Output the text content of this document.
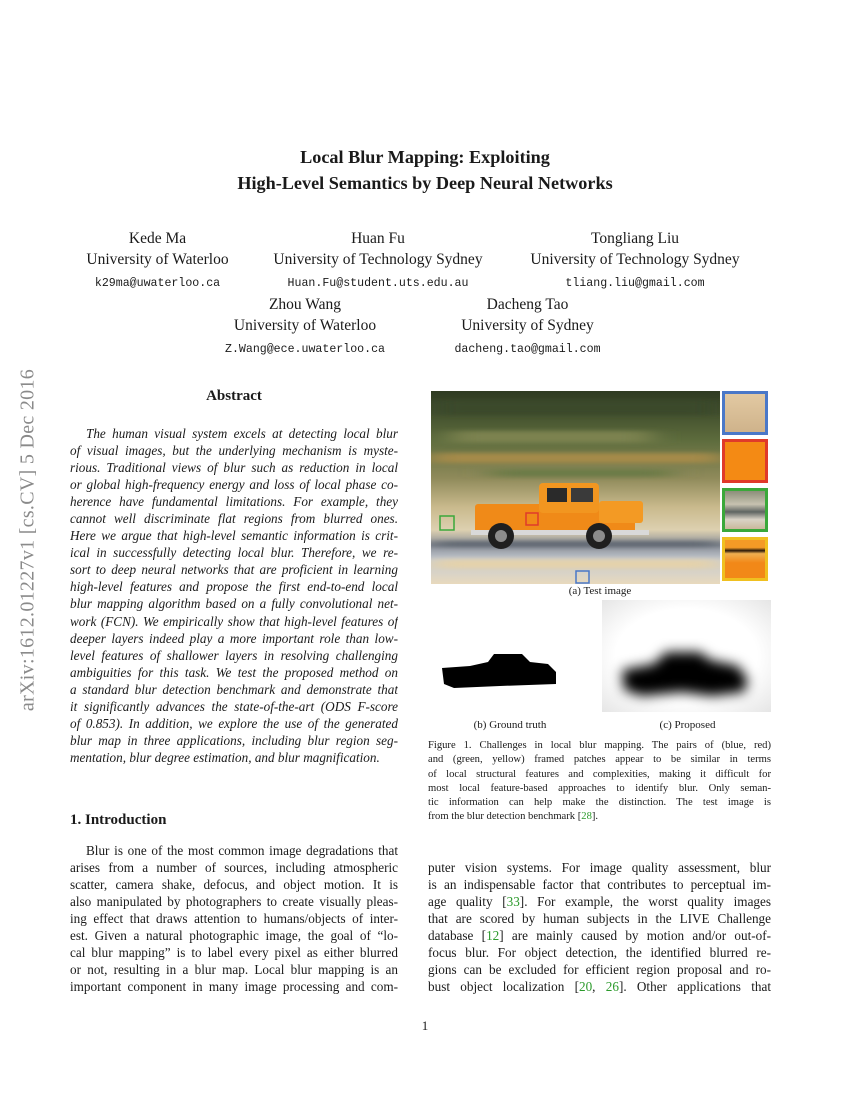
arXiv:1612.01227v1 [cs.CV] 5 Dec 2016
Local Blur Mapping: Exploiting
High-Level Semantics by Deep Neural Networks
Kede Ma
University of Waterloo
k29ma@uwaterloo.ca
Huan Fu
University of Technology Sydney
Huan.Fu@student.uts.edu.au
Tongliang Liu
University of Technology Sydney
tliang.liu@gmail.com
Zhou Wang
University of Waterloo
Z.Wang@ece.uwaterloo.ca
Dacheng Tao
University of Sydney
dacheng.tao@gmail.com
Abstract
The human visual system excels at detecting local blur
of visual images, but the underlying mechanism is myste-
rious. Traditional views of blur such as reduction in local
or global high-frequency energy and loss of local phase co-
herence have fundamental limitations. For example, they
cannot well discriminate flat regions from blurred ones.
Here we argue that high-level semantic information is crit-
ical in successfully detecting local blur. Therefore, we re-
sort to deep neural networks that are proficient in learning
high-level features and propose the first end-to-end local
blur mapping algorithm based on a fully convolutional net-
work (FCN). We empirically show that high-level features of
deeper layers indeed play a more important role than low-
level features of shallower layers in resolving challenging
ambiguities for this task. We test the proposed method on
a standard blur detection benchmark and demonstrate that
it significantly advances the state-of-the-art (ODS F-score
of 0.853). In addition, we explore the use of the generated
blur map in three applications, including blur region seg-
mentation, blur degree estimation, and blur magnification.
1. Introduction
Blur is one of the most common image degradations that
arises from a number of sources, including atmospheric
scatter, camera shake, defocus, and object motion. It is
also manipulated by photographers to create visually pleas-
ing effect that draws attention to humans/objects of inter-
est. Given a natural photographic image, the goal of “lo-
cal blur mapping” is to label every pixel as either blurred
or not, resulting in a blur map. Local blur mapping is an
important component in many image processing and com-
(a) Test image
(b) Ground truth	(c) Proposed
Figure 1. Challenges in local blur mapping. The pairs of (blue, red)
and (green, yellow) framed patches appear to be similar in terms
of local structural features and complexities, making it difficult for
most local feature-based approaches to identify blur. Only seman-
tic information can help make the distinction. The test image is
from the blur detection benchmark [28].
puter vision systems. For image quality assessment, blur
is an indispensable factor that contributes to perceptual im-
age quality [33]. For example, the worst quality images
that are scored by human subjects in the LIVE Challenge
database [12] are mainly caused by motion and/or out-of-
focus blur. For object detection, the identified blurred re-
gions can be excluded for efficient region proposal and ro-
bust object localization [20, 26]. Other applications that
1
